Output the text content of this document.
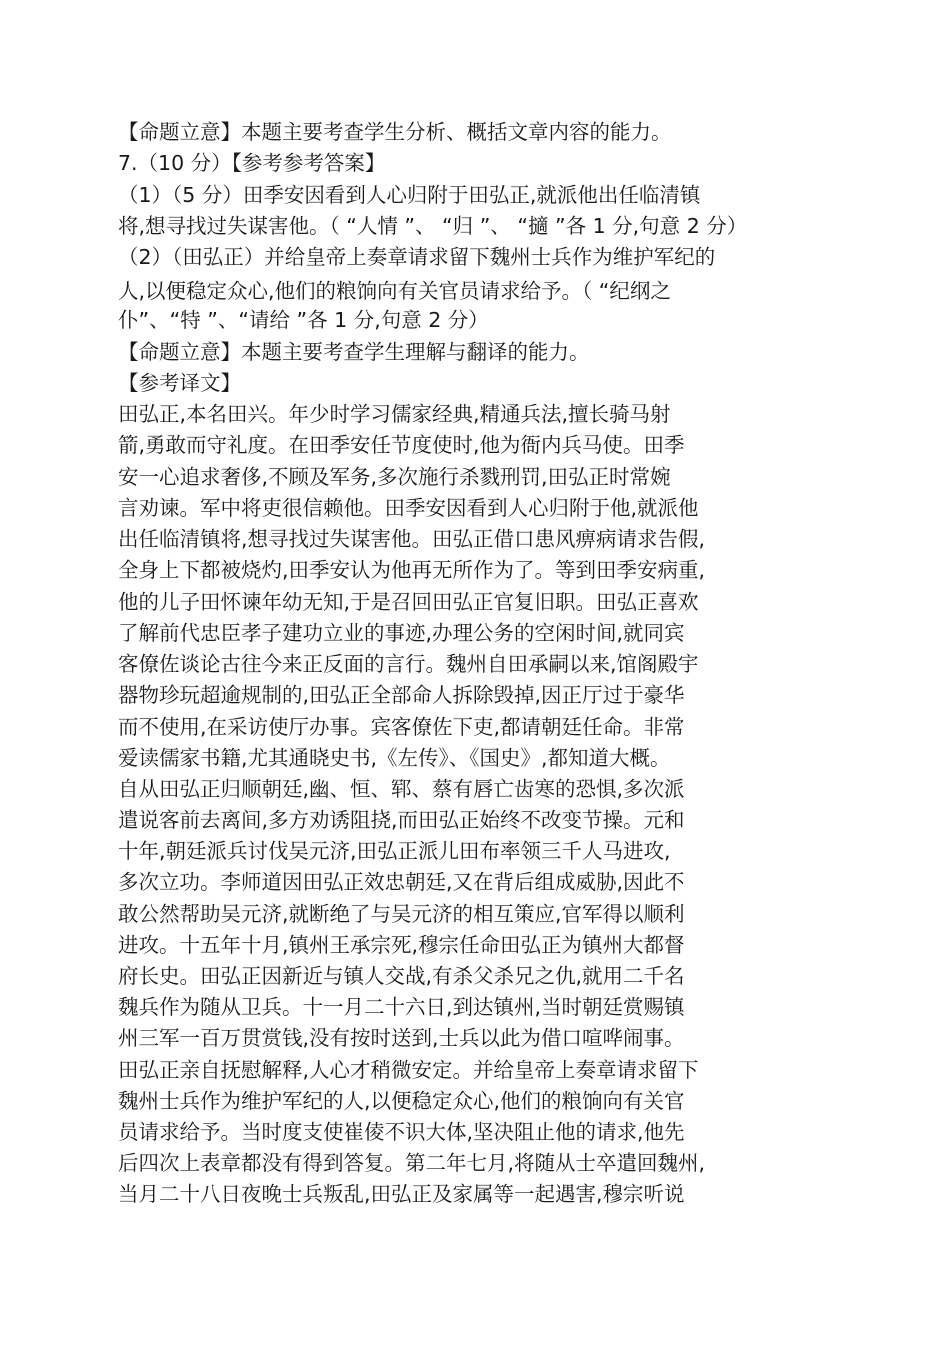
【命题立意】本题主要考查学生分析、概括文章内容的能力。
7.（10 分）【参考参考答案】
（1）（5 分）田季安因看到人心归附于田弘正,就派他出任临清镇
将,想寻找过失谋害他。（ “人情 ”、 “归 ”、 “擿 ”各 1 分,句意 2 分）
（2）（田弘正）并给皇帝上奏章请求留下魏州士兵作为维护军纪的
人,以便稳定众心,他们的粮饷向有关官员请求给予。（ “纪纲之
仆”、“特 ”、“请给 ”各 1 分,句意 2 分）
【命题立意】本题主要考查学生理解与翻译的能力。
【参考译文】
田弘正,本名田兴。年少时学习儒家经典,精通兵法,擅长骑马射
箭,勇敢而守礼度。在田季安任节度使时,他为衙内兵马使。田季
安一心追求奢侈,不顾及军务,多次施行杀戮刑罚,田弘正时常婉
言劝谏。军中将吏很信赖他。田季安因看到人心归附于他,就派他
出任临清镇将,想寻找过失谋害他。田弘正借口患风痹病请求告假,
全身上下都被烧灼,田季安认为他再无所作为了。等到田季安病重,
他的儿子田怀谏年幼无知,于是召回田弘正官复旧职。田弘正喜欢
了解前代忠臣孝子建功立业的事迹,办理公务的空闲时间,就同宾
客僚佐谈论古往今来正反面的言行。魏州自田承嗣以来,馆阁殿宇
器物珍玩超逾规制的,田弘正全部命人拆除毁掉,因正厅过于豪华
而不使用,在采访使厅办事。宾客僚佐下吏,都请朝廷任命。非常
爱读儒家书籍,尤其通晓史书,《左传》、《国史》,都知道大概。
自从田弘正归顺朝廷,幽、恒、郓、蔡有唇亡齿寒的恐惧,多次派
遣说客前去离间,多方劝诱阻挠,而田弘正始终不改变节操。元和
十年,朝廷派兵讨伐吴元济,田弘正派儿田布率领三千人马进攻,
多次立功。李师道因田弘正效忠朝廷,又在背后组成威胁,因此不
敢公然帮助吴元济,就断绝了与吴元济的相互策应,官军得以顺利
进攻。十五年十月,镇州王承宗死,穆宗任命田弘正为镇州大都督
府长史。田弘正因新近与镇人交战,有杀父杀兄之仇,就用二千名
魏兵作为随从卫兵。十一月二十六日,到达镇州,当时朝廷赏赐镇
州三军一百万贯赏钱,没有按时送到,士兵以此为借口喧哗闹事。
田弘正亲自抚慰解释,人心才稍微安定。并给皇帝上奏章请求留下
魏州士兵作为维护军纪的人,以便稳定众心,他们的粮饷向有关官
员请求给予。当时度支使崔倰不识大体,坚决阻止他的请求,他先
后四次上表章都没有得到答复。第二年七月,将随从士卒遣回魏州,
当月二十八日夜晚士兵叛乱,田弘正及家属等一起遇害,穆宗听说
